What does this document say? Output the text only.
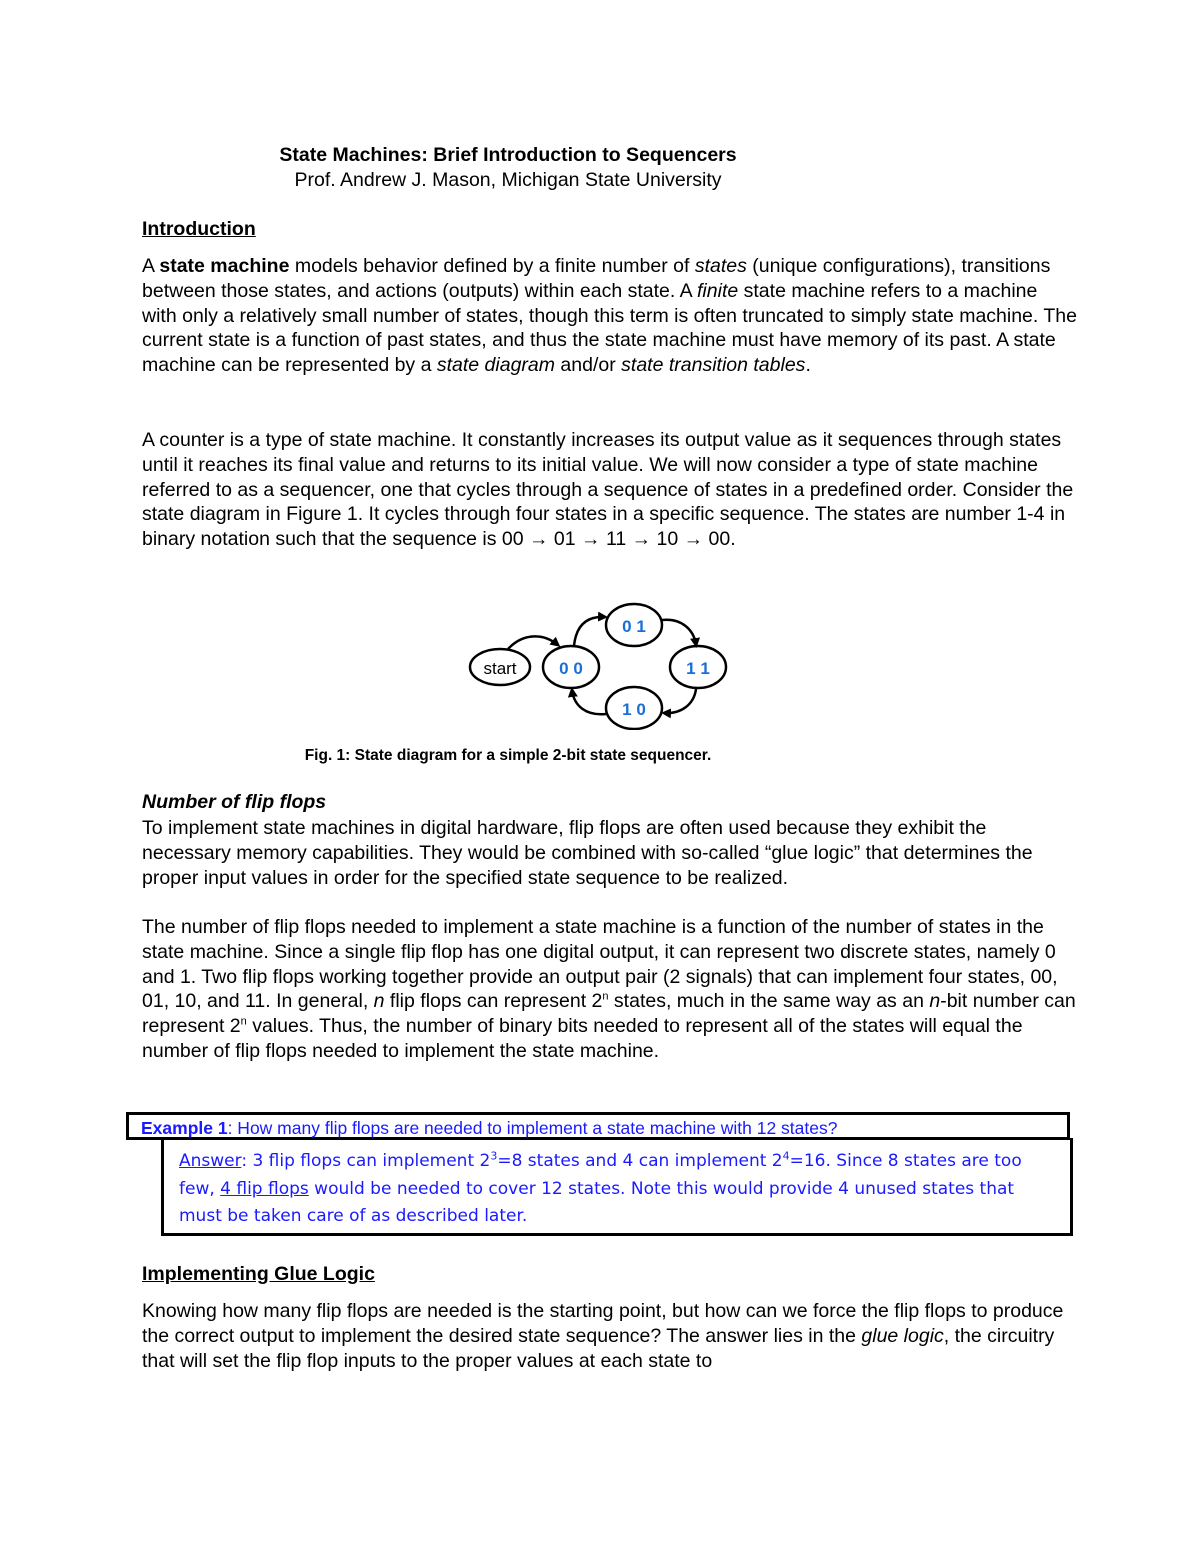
State Machines: Brief Introduction to Sequencers
Prof. Andrew J. Mason, Michigan State University
Introduction

A state machine models behavior defined by a finite number of states (unique configurations), transitions between those states, and actions (outputs) within each state. A finite state machine refers to a machine with only a relatively small number of states, though this term is often truncated to simply state machine. The current state is a function of past states, and thus the state machine must have memory of its past. A state machine can be represented by a state diagram and/or state transition tables.

A counter is a type of state machine. It constantly increases its output value as it sequences through states until it reaches its final value and returns to its initial value. We will now consider a type of state machine referred to as a sequencer, one that cycles through a sequence of states in a predefined order. Consider the state diagram in Figure 1. It cycles through four states in a specific sequence. The states are number 1-4 in binary notation such that the sequence is 00 → 01 → 11 → 10 → 00.

start	0 0
0 1
1 1
1 0
Fig. 1: State diagram for a simple 2-bit state sequencer.
Number of flip flops

To implement state machines in digital hardware, flip flops are often used because they exhibit the necessary memory capabilities. They would be combined with so-called “glue logic” that determines the proper input values in order for the specified state sequence to be realized.

The number of flip flops needed to implement a state machine is a function of the number of states in the state machine. Since a single flip flop has one digital output, it can represent two discrete states, namely 0 and 1. Two flip flops working together provide an output pair (2 signals) that can implement four states, 00, 01, 10, and 11. In general, n flip flops can represent 2$^n$ states, much in the same way as an n-bit number can represent 2$^n$ values. Thus, the number of binary bits needed to represent all of the states will equal the number of flip flops needed to implement the state machine.

Example 1: How many flip flops are needed to implement a state machine with 12 states?
Answer: 3 flip flops can implement $2^3=8$ states and 4 can implement $2^4=16$. Since 8 states are too few, 4 flip flops would be needed to cover 12 states. Note this would provide 4 unused states that must be taken care of as described later.
Implementing Glue Logic

Knowing how many flip flops are needed is the starting point, but how can we force the flip flops to produce the correct output to implement the desired state sequence? The answer lies in the glue logic, the circuitry that will set the flip flop inputs to the proper values at each state to
